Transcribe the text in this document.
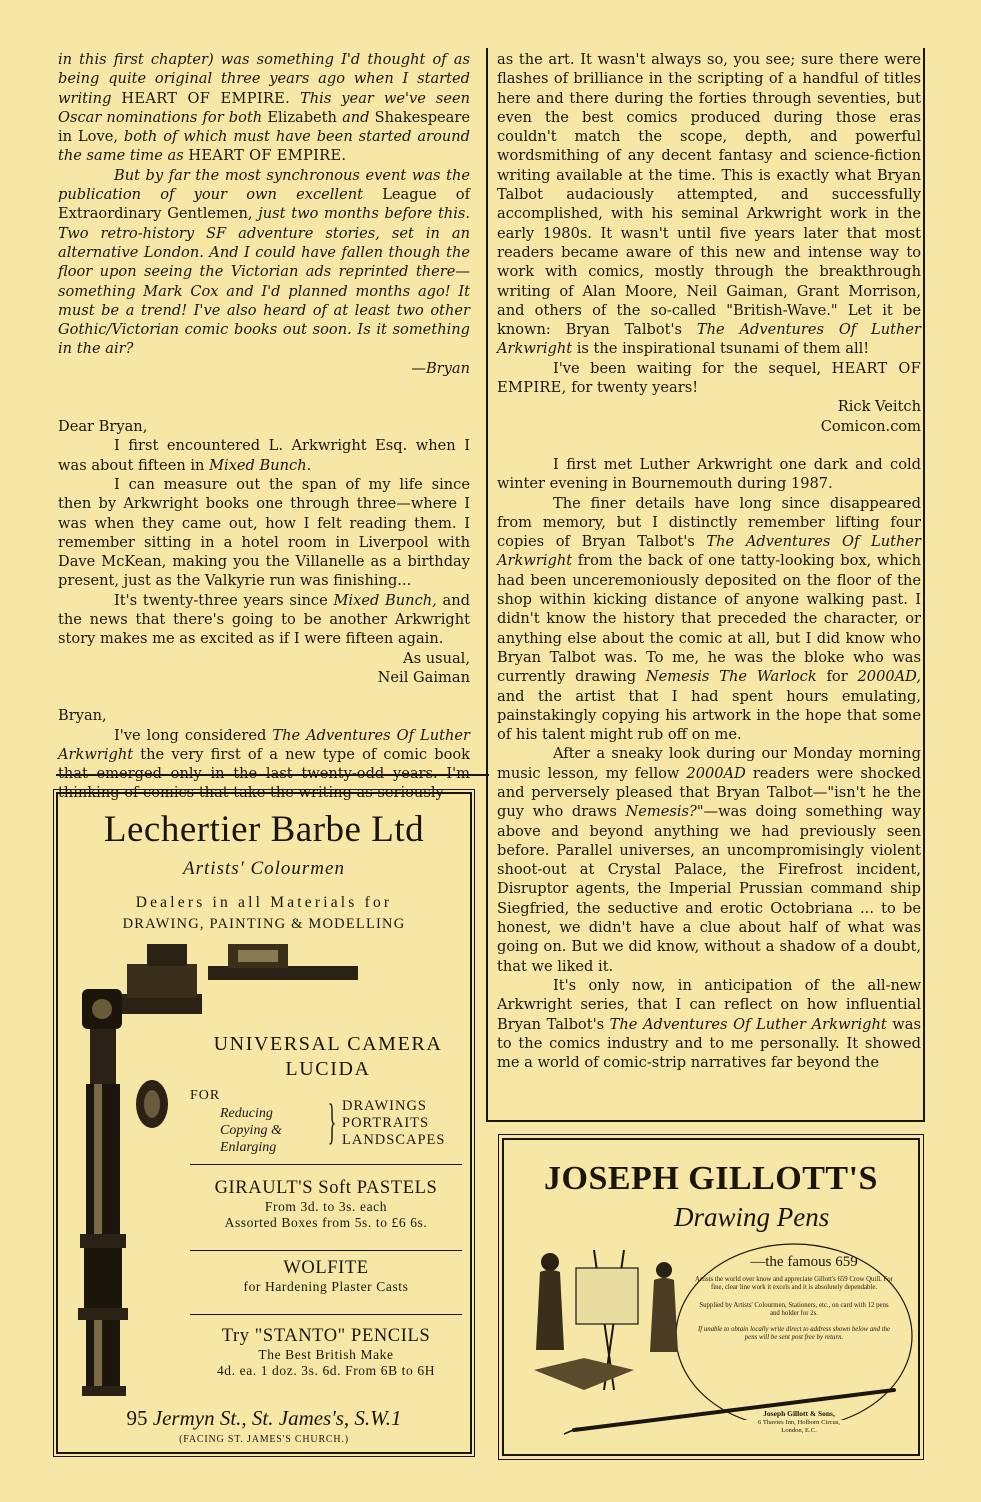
in this first chapter) was something I'd thought of as being quite original three years ago when I started writing HEART OF EMPIRE. This year we've seen Oscar nominations for both Elizabeth and Shakespeare in Love, both of which must have been started around the same time as HEART OF EMPIRE.

But by far the most synchronous event was the publication of your own excellent League of Extraordinary Gentlemen, just two months before this. Two retro-history SF adventure stories, set in an alternative London. And I could have fallen though the floor upon seeing the Victorian ads reprinted there—something Mark Cox and I'd planned months ago! It must be a trend! I've also heard of at least two other Gothic/Victorian comic books out soon. Is it something in the air?

—Bryan

Dear Bryan,

I first encountered L. Arkwright Esq. when I was about fifteen in Mixed Bunch.

I can measure out the span of my life since then by Arkwright books one through three—where I was when they came out, how I felt reading them. I remember sitting in a hotel room in Liverpool with Dave McKean, making you the Villanelle as a birthday present, just as the Valkyrie run was finishing...

It's twenty-three years since Mixed Bunch, and the news that there's going to be another Arkwright story makes me as excited as if I were fifteen again.

As usual,

Neil Gaiman

Bryan,

I've long considered The Adventures Of Luther Arkwright the very first of a new type of comic book that emerged only in the last twenty-odd years. I'm thinking of comics that take the writing as seriously

as the art. It wasn't always so, you see; sure there were flashes of brilliance in the scripting of a handful of titles here and there during the forties through seventies, but even the best comics produced during those eras couldn't match the scope, depth, and powerful wordsmithing of any decent fantasy and science-fiction writing available at the time. This is exactly what Bryan Talbot audaciously attempted, and successfully accomplished, with his seminal Arkwright work in the early 1980s. It wasn't until five years later that most readers became aware of this new and intense way to work with comics, mostly through the breakthrough writing of Alan Moore, Neil Gaiman, Grant Morrison, and others of the so-called "British-Wave." Let it be known: Bryan Talbot's The Adventures Of Luther Arkwright is the inspirational tsunami of them all!

I've been waiting for the sequel, HEART OF EMPIRE, for twenty years!

Rick Veitch

Comicon.com

I first met Luther Arkwright one dark and cold winter evening in Bournemouth during 1987.

The finer details have long since disappeared from memory, but I distinctly remember lifting four copies of Bryan Talbot's The Adventures Of Luther Arkwright from the back of one tatty-looking box, which had been unceremoniously deposited on the floor of the shop within kicking distance of anyone walking past. I didn't know the history that preceded the character, or anything else about the comic at all, but I did know who Bryan Talbot was. To me, he was the bloke who was currently drawing Nemesis The Warlock for 2000AD, and the artist that I had spent hours emulating, painstakingly copying his artwork in the hope that some of his talent might rub off on me.

After a sneaky look during our Monday morning music lesson, my fellow 2000AD readers were shocked and perversely pleased that Bryan Talbot—"isn't he the guy who draws Nemesis?"—was doing something way above and beyond anything we had previously seen before. Parallel universes, an uncompromisingly violent shoot-out at Crystal Palace, the Firefrost incident, Disruptor agents, the Imperial Prussian command ship Siegfried, the seductive and erotic Octobriana ... to be honest, we didn't have a clue about half of what was going on. But we did know, without a shadow of a doubt, that we liked it.

It's only now, in anticipation of the all-new Arkwright series, that I can reflect on how influential Bryan Talbot's The Adventures Of Luther Arkwright was to the comics industry and to me personally. It showed me a world of comic-strip narratives far beyond the

Lechertier Barbe Ltd
Artists' Colourmen
Dealers in all Materials for
DRAWING, PAINTING & MODELLING
UNIVERSAL CAMERA
LUCIDA
FOR
Reducing
Copying &
Enlarging } DRAWINGS
PORTRAITS
LANDSCAPES
GIRAULT'S Soft PASTELS
From 3d. to 3s. each
Assorted Boxes from 5s. to £6 6s.
WOLFITE
for Hardening Plaster Casts
Try "STANTO" PENCILS
The Best British Make
4d. ea. 1 doz. 3s. 6d. From 6B to 6H
95 Jermyn St., St. James's, S.W.1
(FACING ST. JAMES'S CHURCH.)
JOSEPH GILLOTT'S
Drawing Pens
—the famous 659
Artists the world over know and appreciate Gillott's 659 Crow Quill. For fine, clear line work it excels and it is absolutely dependable.
Supplied by Artists' Colourmen, Stationers, etc., on card with 12 pens and holder for 2s.
If unable to obtain locally write direct to address shown below and the pens will be sent post free by return.
Joseph Gillott & Sons,
6 Thavies Inn, Holborn Circus,
London, E.C.
